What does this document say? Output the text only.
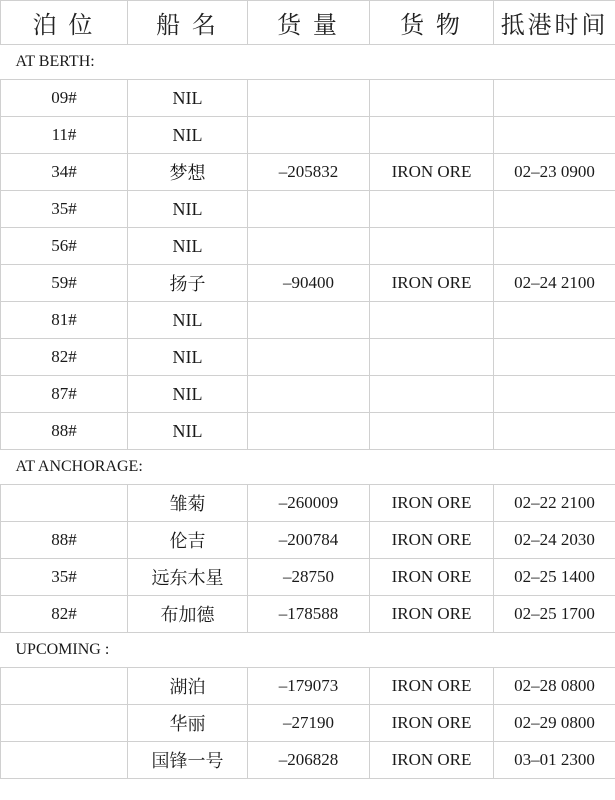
泊 位	船 名	货 量	货 物	抵港时间
AT BERTH:				
09#	NIL			
11#	NIL			
34#	梦想	–205832	IRON ORE	02–23 0900
35#	NIL			
56#	NIL			
59#	扬子	–90400	IRON ORE	02–24 2100
81#	NIL			
82#	NIL			
87#	NIL			
88#	NIL			
AT ANCHORAGE:				
	雏菊	–260009	IRON ORE	02–22 2100
88#	伦吉	–200784	IRON ORE	02–24 2030
35#	远东木星	–28750	IRON ORE	02–25 1400
82#	布加德	–178588	IRON ORE	02–25 1700
UPCOMING :				
	湖泊	–179073	IRON ORE	02–28 0800
	华丽	–27190	IRON ORE	02–29 0800
	国锋一号	–206828	IRON ORE	03–01 2300
